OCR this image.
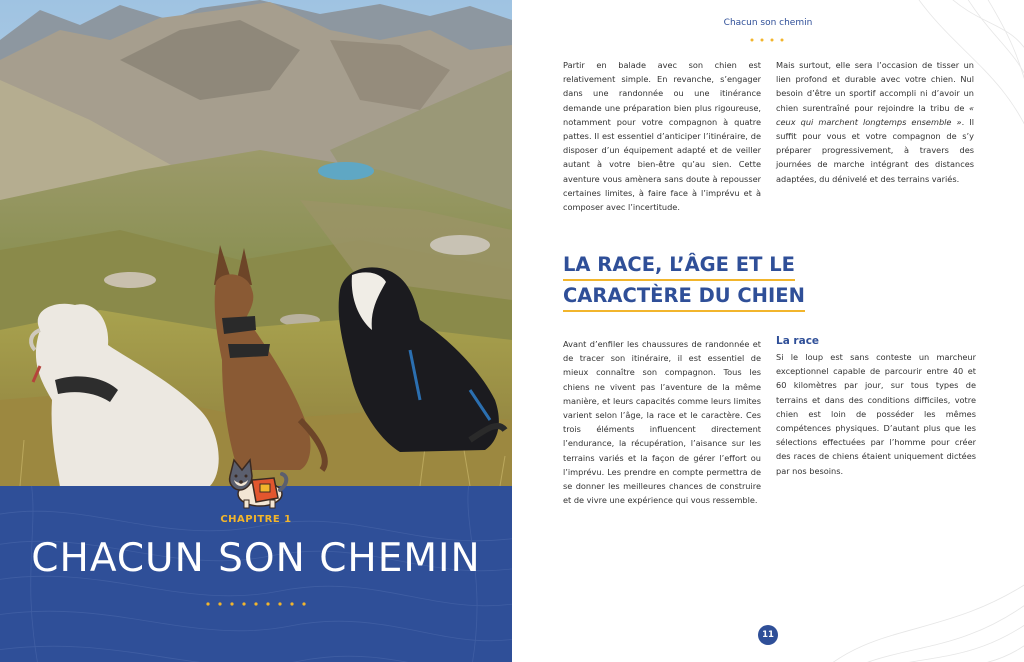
CHAPITRE 1
CHACUN SON CHEMIN
Chacun son chemin

Partir en balade avec son chien est relativement simple. En revanche, s’engager dans une randonnée ou une itinérance demande une préparation bien plus rigoureuse, notamment pour votre compagnon à quatre pattes. Il est essentiel d’anticiper l’itinéraire, de disposer d’un équipement adapté et de veiller autant à votre bien-être qu’au sien. Cette aventure vous amènera sans doute à repousser certaines limites, à faire face à l’imprévu et à composer avec l’incertitude.

Mais surtout, elle sera l’occasion de tisser un lien profond et durable avec votre chien. Nul besoin d’être un sportif accompli ni d’avoir un chien surentraîné pour rejoindre la tribu de « ceux qui marchent longtemps ensemble ». Il suffit pour vous et votre compagnon de s’y préparer progressivement, à travers des journées de marche intégrant des distances adaptées, du dénivelé et des terrains variés.

LA RACE, L’ÂGE ET LE
CARACTÈRE DU CHIEN

Avant d’enfiler les chaussures de randonnée et de tracer son itinéraire, il est essentiel de mieux connaître son compagnon. Tous les chiens ne vivent pas l’aventure de la même manière, et leurs capacités comme leurs limites varient selon l’âge, la race et le caractère. Ces trois éléments influencent directement l’endurance, la récupération, l’aisance sur les terrains variés et la façon de gérer l’effort ou l’imprévu. Les prendre en compte permettra de se donner les meilleures chances de construire et de vivre une expérience qui vous ressemble.

La race

Si le loup est sans conteste un marcheur exceptionnel capable de parcourir entre 40 et 60 kilomètres par jour, sur tous types de terrains et dans des conditions difficiles, votre chien est loin de posséder les mêmes compétences physiques. D’autant plus que les sélections effectuées par l’homme pour créer des races de chiens étaient uniquement dictées par nos besoins.

11
